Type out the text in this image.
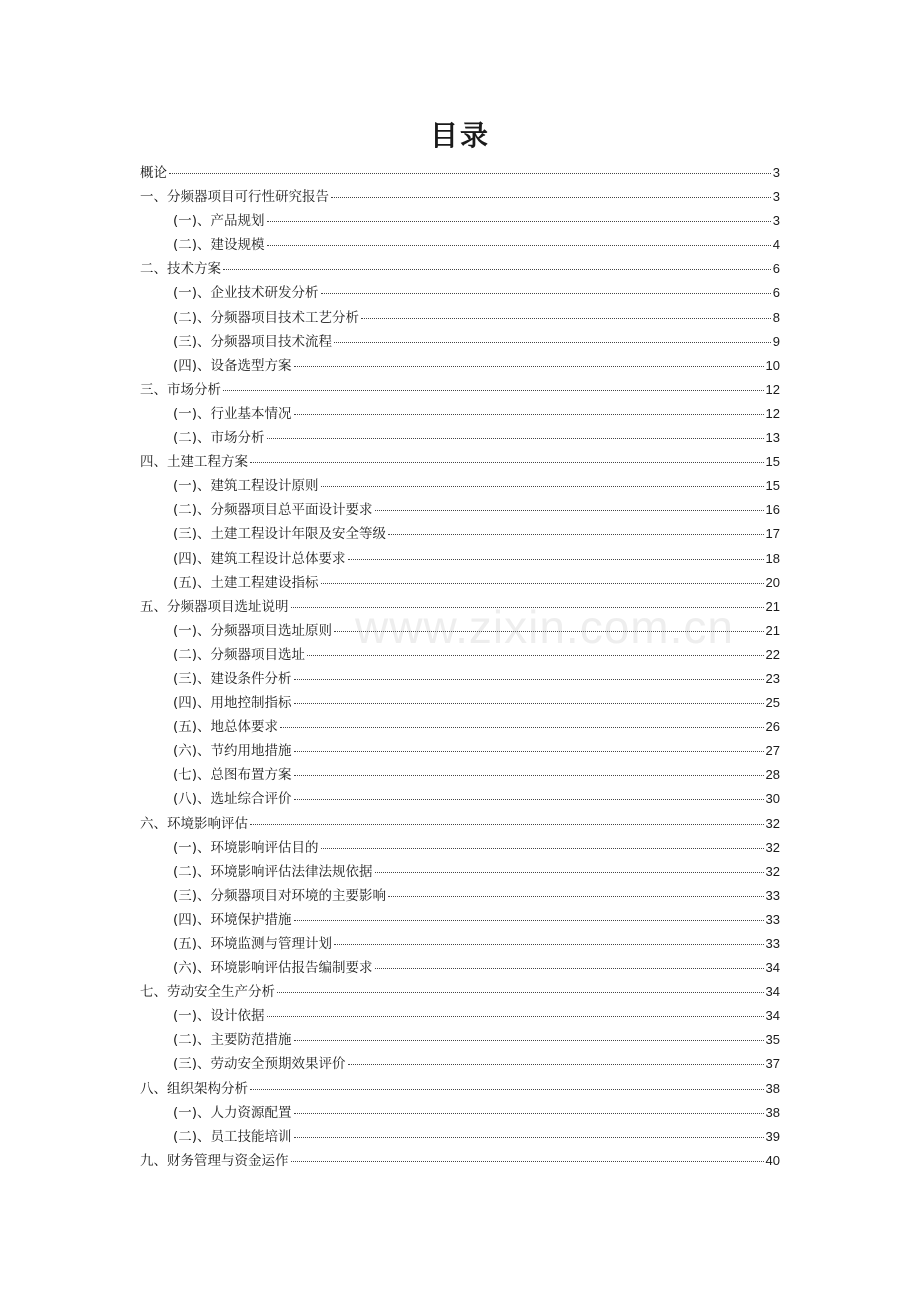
目录
概论	3
一、分频器项目可行性研究报告	3
(一)、产品规划	3
(二)、建设规模	4
二、技术方案	6
(一)、企业技术研发分析	6
(二)、分频器项目技术工艺分析	8
(三)、分频器项目技术流程	9
(四)、设备选型方案	10
三、市场分析	12
(一)、行业基本情况	12
(二)、市场分析	13
四、土建工程方案	15
(一)、建筑工程设计原则	15
(二)、分频器项目总平面设计要求	16
(三)、土建工程设计年限及安全等级	17
(四)、建筑工程设计总体要求	18
(五)、土建工程建设指标	20
五、分频器项目选址说明	21
(一)、分频器项目选址原则	21
(二)、分频器项目选址	22
(三)、建设条件分析	23
(四)、用地控制指标	25
(五)、地总体要求	26
(六)、节约用地措施	27
(七)、总图布置方案	28
(八)、选址综合评价	30
六、环境影响评估	32
(一)、环境影响评估目的	32
(二)、环境影响评估法律法规依据	32
(三)、分频器项目对环境的主要影响	33
(四)、环境保护措施	33
(五)、环境监测与管理计划	33
(六)、环境影响评估报告编制要求	34
七、劳动安全生产分析	34
(一)、设计依据	34
(二)、主要防范措施	35
(三)、劳动安全预期效果评价	37
八、组织架构分析	38
(一)、人力资源配置	38
(二)、员工技能培训	39
九、财务管理与资金运作	40
www.zixin.com.cn
